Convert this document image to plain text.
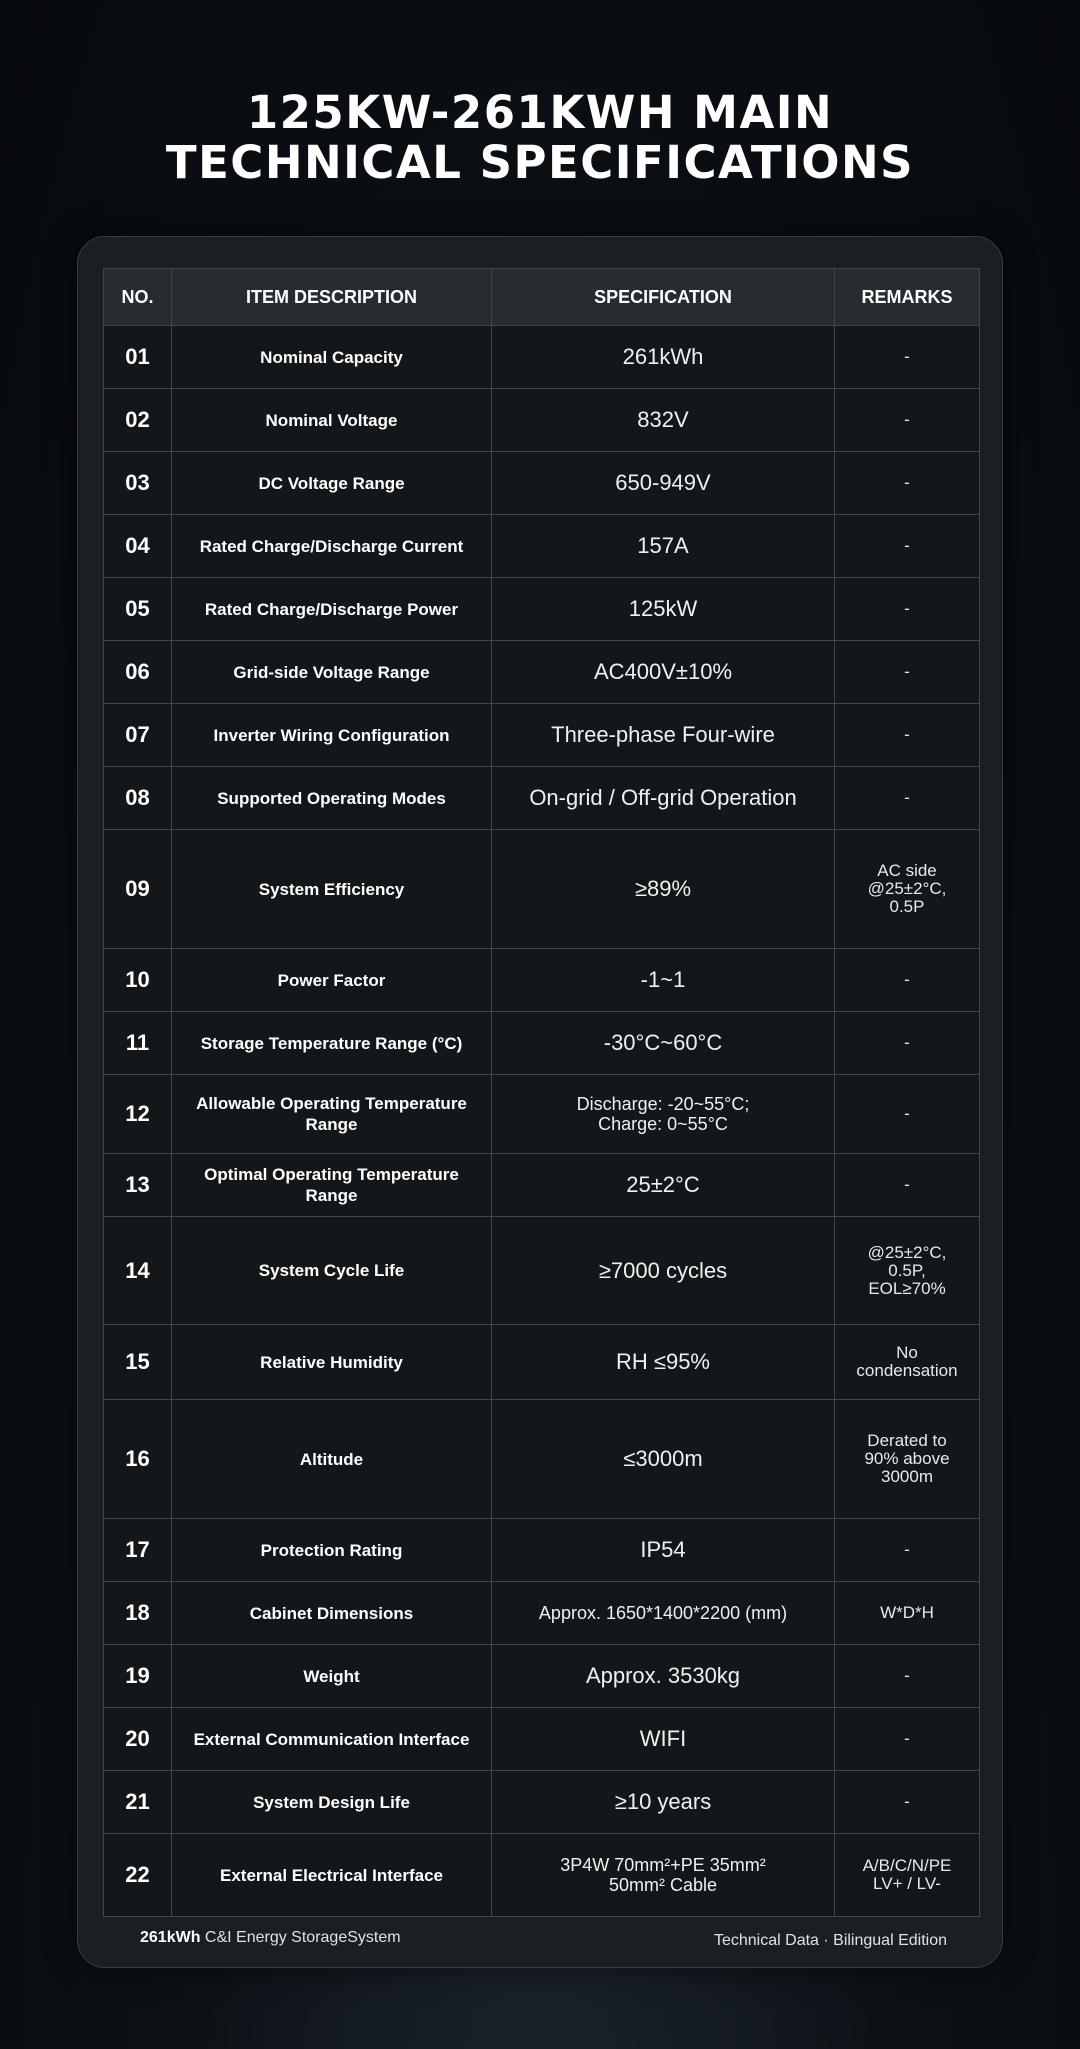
125KW-261KWH MAIN
TECHNICAL SPECIFICATIONS
NO.	ITEM DESCRIPTION	SPECIFICATION	REMARKS
01	Nominal Capacity	261kWh	-
02	Nominal Voltage	832V	-
03	DC Voltage Range	650-949V	-
04	Rated Charge/Discharge Current	157A	-
05	Rated Charge/Discharge Power	125kW	-
06	Grid-side Voltage Range	AC400V±10%	-
07	Inverter Wiring Configuration	Three-phase Four-wire	-
08	Supported Operating Modes	On-grid / Off-grid Operation	-
09	System Efficiency	≥89%	AC side
@25±2°C,
0.5P
10	Power Factor	-1~1	-
11	Storage Temperature Range (°C)	-30°C~60°C	-
12	Allowable Operating Temperature
Range	Discharge: -20~55°C;
Charge: 0~55°C	-
13	Optimal Operating Temperature
Range	25±2°C	-
14	System Cycle Life	≥7000 cycles	@25±2°C,
0.5P,
EOL≥70%
15	Relative Humidity	RH ≤95%	No
condensation
16	Altitude	≤3000m	Derated to
90% above
3000m
17	Protection Rating	IP54	-
18	Cabinet Dimensions	Approx. 1650*1400*2200 (mm)	W*D*H
19	Weight	Approx. 3530kg	-
20	External Communication Interface	WIFI	-
21	System Design Life	≥10 years	-
22	External Electrical Interface	3P4W 70mm²+PE 35mm²
50mm² Cable	A/B/C/N/PE
LV+ / LV-
261kWh C&I Energy StorageSystem	Technical Data · Bilingual Edition
